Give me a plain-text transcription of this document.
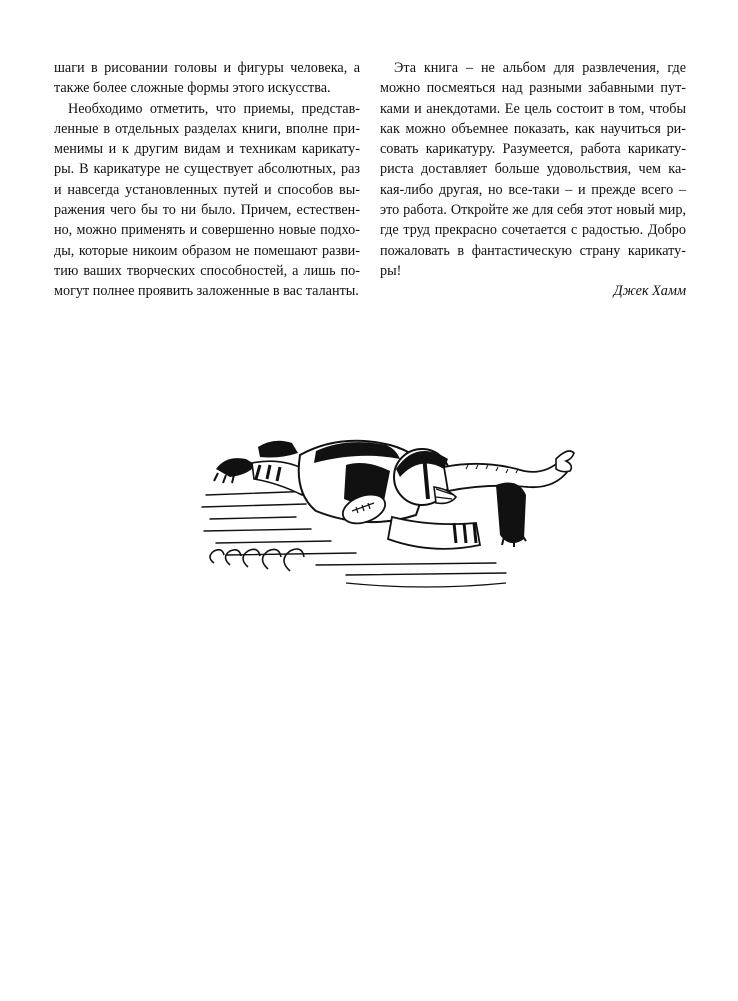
шаги в рисовании головы и фигуры человека, а
также более сложные формы этого искусства.
Необходимо отметить, что приемы, представ-
ленные в отдельных разделах книги, вполне при-
менимы и к другим видам и техникам карикату-
ры. В карикатуре не существует абсолютных, раз
и навсегда установленных путей и способов вы-
ражения чего бы то ни было. Причем, естествен-
но, можно применять и совершенно новые подхо-
ды, которые никоим образом не помешают разви-
тию ваших творческих способностей, а лишь по-
могут полнее проявить заложенные в вас таланты.
Эта книга – не альбом для развлечения, где
можно посмеяться над разными забавными пут-
ками и анекдотами. Ее цель состоит в том, чтобы
как можно объемнее показать, как научиться ри-
совать карикатуру. Разумеется, работа карикату-
риста доставляет больше удовольствия, чем ка-
кая-либо другая, но все-таки – и прежде всего –
это работа. Откройте же для себя этот новый мир,
где труд прекрасно сочетается с радостью. Добро
пожаловать в фантастическую страну карикату-
ры!
Джек Хамм
